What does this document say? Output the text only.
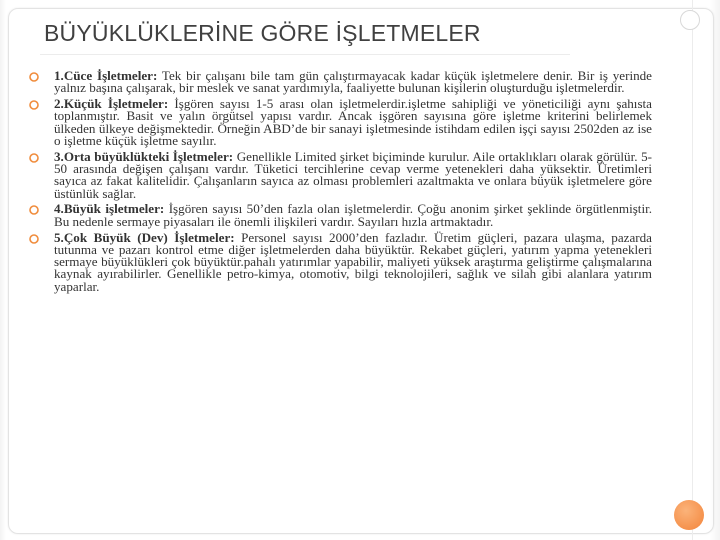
BÜYÜKLÜKLERİNE GÖRE İŞLETMELER
1.Cüce İşletmeler: Tek bir çalışanı bile tam gün çalıştırmayacak kadar küçük işletmelere denir. Bir iş yerinde yalnız başına çalışarak, bir meslek ve sanat yardımıyla, faaliyette bulunan kişilerin oluşturduğu işletmelerdir.
2.Küçük İşletmeler: İşgören sayısı 1-5 arası olan işletmelerdir.işletme sahipliği ve yöneticiliği aynı şahısta toplanmıştır. Basit ve yalın örgütsel yapısı vardır. Ancak işgören sayısına göre işletme kriterini belirlemek ülkeden ülkeye değişmektedir. Örneğin ABD’de bir sanayi işletmesinde istihdam edilen işçi sayısı 2502den az ise o işletme küçük işletme sayılır.
3.Orta büyüklükteki İşletmeler: Genellikle Limited şirket biçiminde kurulur. Aile ortaklıkları olarak görülür. 5-50 arasında değişen çalışanı vardır. Tüketici tercihlerine cevap verme yetenekleri daha yüksektir. Üretimleri sayıca az fakat kalitelidir. Çalışanların sayıca az olması problemleri azaltmakta ve onlara büyük işletmelere göre üstünlük sağlar.
4.Büyük işletmeler: İşgören sayısı 50’den fazla olan işletmelerdir. Çoğu anonim şirket şeklinde örgütlenmiştir. Bu nedenle sermaye piyasaları ile önemli ilişkileri vardır. Sayıları hızla artmaktadır.
5.Çok Büyük (Dev) İşletmeler: Personel sayısı 2000’den fazladır. Üretim güçleri, pazara ulaşma, pazarda tutunma ve pazarı kontrol etme diğer işletmelerden daha büyüktür. Rekabet güçleri, yatırım yapma yetenekleri sermaye büyüklükleri çok büyüktür.pahalı yatırımlar yapabilir, maliyeti yüksek araştırma geliştirme çalışmalarına kaynak ayırabilirler. Genellikle petro-kimya, otomotiv, bilgi teknolojileri, sağlık ve silah gibi alanlara yatırım yaparlar.
